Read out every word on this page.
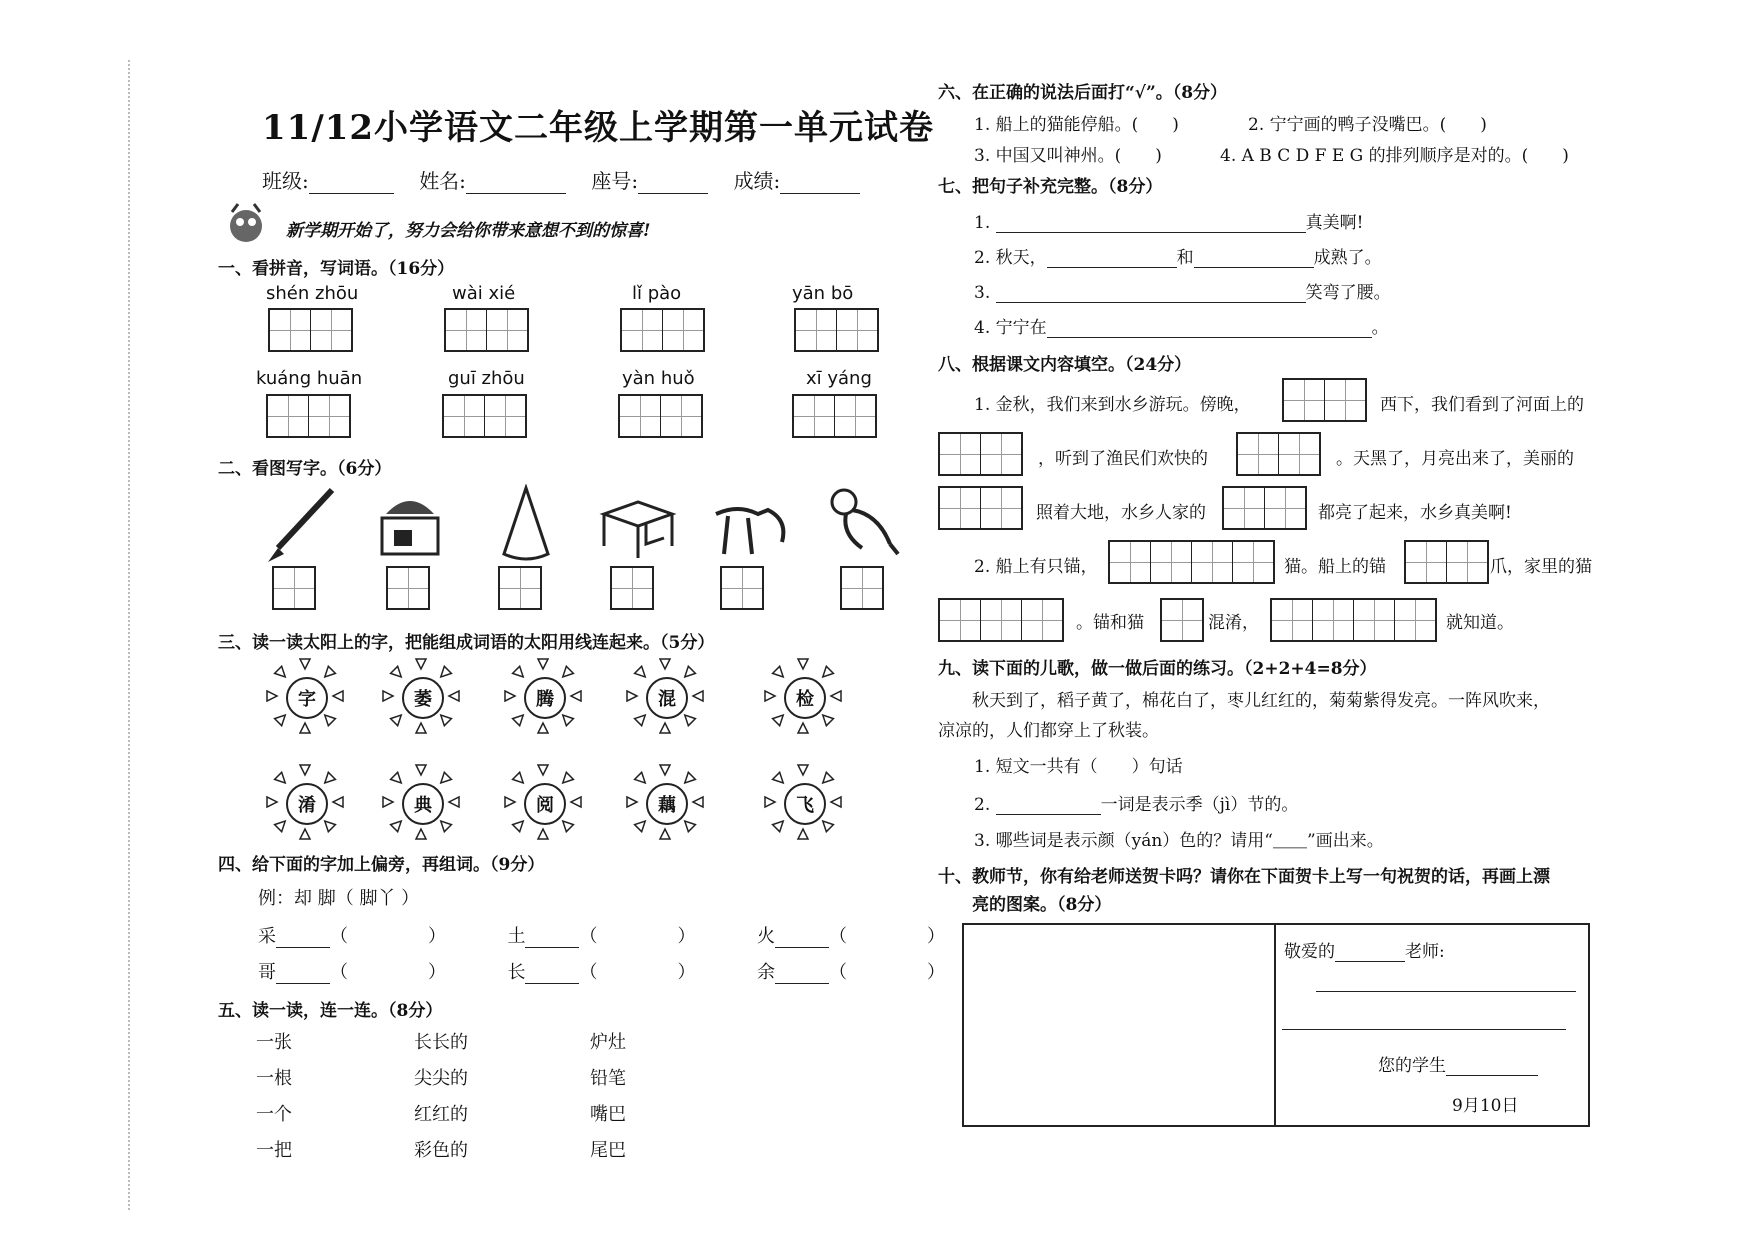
11/12小学语文二年级上学期第一单元试卷
班级:	姓名:	座号:	成绩:
新学期开始了，努力会给你带来意想不到的惊喜!
一、看拼音，写词语。（16分）
shén zhōu	wài xié	lǐ pào	yān bō
kuáng huān	guī zhōu	yàn huǒ	xī yáng
二、看图写字。（6分）
三、读一读太阳上的字，把能组成词语的太阳用线连起来。（5分）
字	萎	腾	混	检
淆	典	阅	藕	飞
四、给下面的字加上偏旁，再组词。（9分）
例：却 脚（ 脚丫 ）
采	（	）	土	（	）	火	（	）
哥	（	）	长	（	）	余	（	）
五、读一读，连一连。（8分）
一张	长长的	炉灶
一根	尖尖的	铅笔
一个	红红的	嘴巴
一把	彩色的	尾巴
六、在正确的说法后面打“√”。（8分）
1. 船上的猫能停船。(　　)	2. 宁宁画的鸭子没嘴巴。(　　)
3. 中国又叫神州。(　　)	4. A B C D F E G 的排列顺序是对的。(　　)
七、把句子补充完整。（8分）
1.	真美啊!
2. 秋天，	和	成熟了。
3.	笑弯了腰。
4. 宁宁在	。
八、根据课文内容填空。（24分）
1. 金秋，我们来到水乡游玩。傍晚，	西下，我们看到了河面上的
，听到了渔民们欢快的	。天黑了，月亮出来了，美丽的
照着大地，水乡人家的	都亮了起来，水乡真美啊!
2. 船上有只锚，	猫。船上的锚	爪，家里的猫
。锚和猫	混淆，	就知道。
九、读下面的儿歌，做一做后面的练习。（2+2+4=8分）
秋天到了，稻子黄了，棉花白了，枣儿红红的，菊菊紫得发亮。一阵风吹来，
凉凉的，人们都穿上了秋装。
1. 短文一共有（　　）句话
2.	一词是表示季（jì）节的。
3. 哪些词是表示颜（yán）色的？请用“＿＿”画出来。
十、教师节，你有给老师送贺卡吗？请你在下面贺卡上写一句祝贺的话，再画上漂
亮的图案。（8分）
敬爱的	老师:
您的学生
9月10日
